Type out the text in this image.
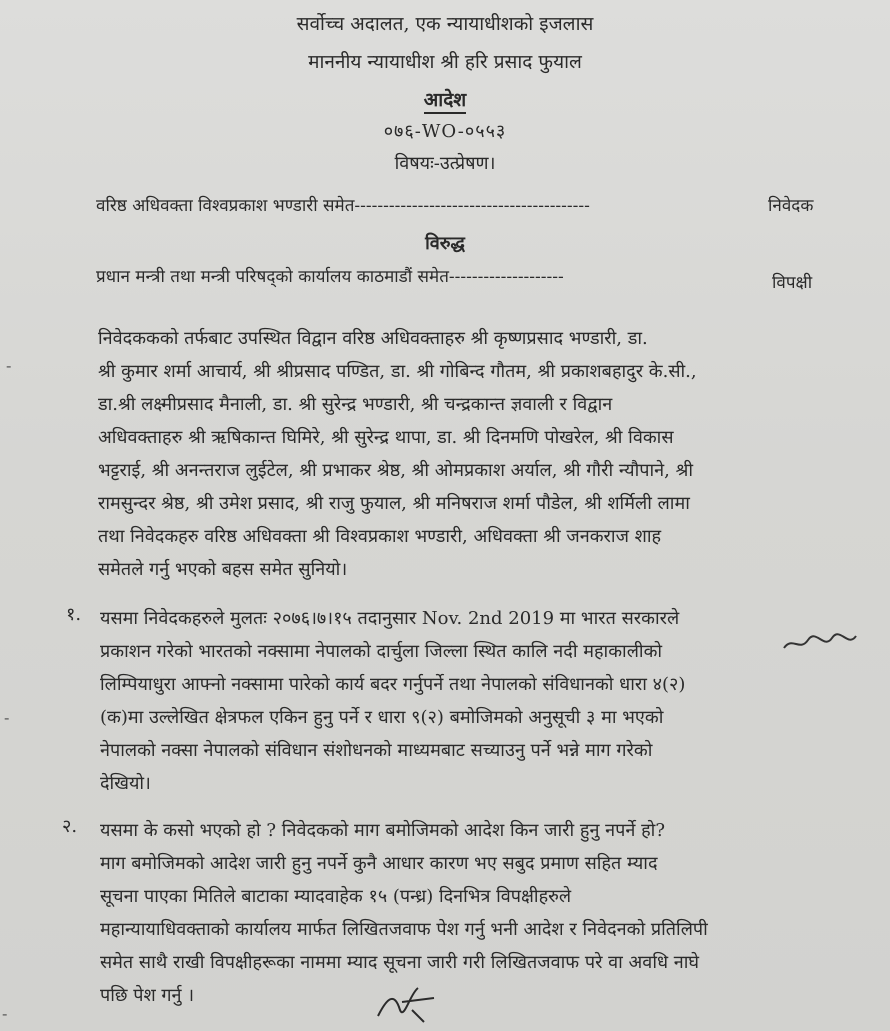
सर्वोच्च अदालत, एक न्यायाधीशको इजलास
माननीय न्यायाधीश श्री हरि प्रसाद फुयाल
आदेश
०७६-WO-०५५३
विषयः-उत्प्रेषण।
वरिष्ठ अधिवक्ता विश्वप्रकाश भण्डारी समेत-----------------------------------------	निवेदक
विरुद्ध
प्रधान मन्त्री तथा मन्त्री परिषद्को कार्यालय काठमाडौं समेत--------------------	विपक्षी
निवेदककको तर्फबाट उपस्थित विद्वान वरिष्ठ अधिवक्ताहरु श्री कृष्णप्रसाद भण्डारी, डा.
श्री कुमार शर्मा आचार्य, श्री श्रीप्रसाद पण्डित, डा. श्री गोबिन्द गौतम, श्री प्रकाशबहादुर के.सी.,
डा.श्री लक्ष्मीप्रसाद मैनाली, डा. श्री सुरेन्द्र भण्डारी, श्री चन्द्रकान्त ज्ञवाली र विद्वान
अधिवक्ताहरु श्री ऋषिकान्त घिमिरे, श्री सुरेन्द्र थापा, डा. श्री दिनमणि पोखरेल, श्री विकास
भट्टराई, श्री अनन्तराज लुईटेल, श्री प्रभाकर श्रेष्ठ, श्री ओमप्रकाश अर्याल, श्री गौरी न्यौपाने, श्री
रामसुन्दर श्रेष्ठ, श्री उमेश प्रसाद, श्री राजु फुयाल, श्री मनिषराज शर्मा पौडेल, श्री शर्मिली लामा
तथा निवेदकहरु वरिष्ठ अधिवक्ता श्री विश्वप्रकाश भण्डारी, अधिवक्ता श्री जनकराज शाह
समेतले गर्नु भएको बहस समेत सुनियो।
१. यसमा निवेदकहरुले मुलतः २०७६।७।१५ तदानुसार Nov. 2nd 2019 मा भारत सरकारले
प्रकाशन गरेको भारतको नक्सामा नेपालको दार्चुला जिल्ला स्थित कालि नदी महाकालीको
लिम्पियाधुरा आफ्नो नक्सामा पारेको कार्य बदर गर्नुपर्ने तथा नेपालको संविधानको धारा ४(२)
(क)मा उल्लेखित क्षेत्रफल एकिन हुनु पर्ने र धारा ९(२) बमोजिमको अनुसूची ३ मा भएको
नेपालको नक्सा नेपालको संविधान संशोधनको माध्यमबाट सच्याउनु पर्ने भन्ने माग गरेको
देखियो।
२. यसमा के कसो भएको हो ? निवेदकको माग बमोजिमको आदेश किन जारी हुनु नपर्ने हो?
माग बमोजिमको आदेश जारी हुनु नपर्ने कुनै आधार कारण भए सबुद प्रमाण सहित म्याद
सूचना पाएका मितिले बाटाका म्यादवाहेक १५ (पन्ध्र) दिनभित्र विपक्षीहरुले
महान्यायाधिवक्ताको कार्यालय मार्फत लिखितजवाफ पेश गर्नु भनी आदेश र निवेदनको प्रतिलिपी
समेत साथै राखी विपक्षीहरूका नाममा म्याद सूचना जारी गरी लिखितजवाफ परे वा अवधि नाघे
पछि पेश गर्नु ।
-
-
-
